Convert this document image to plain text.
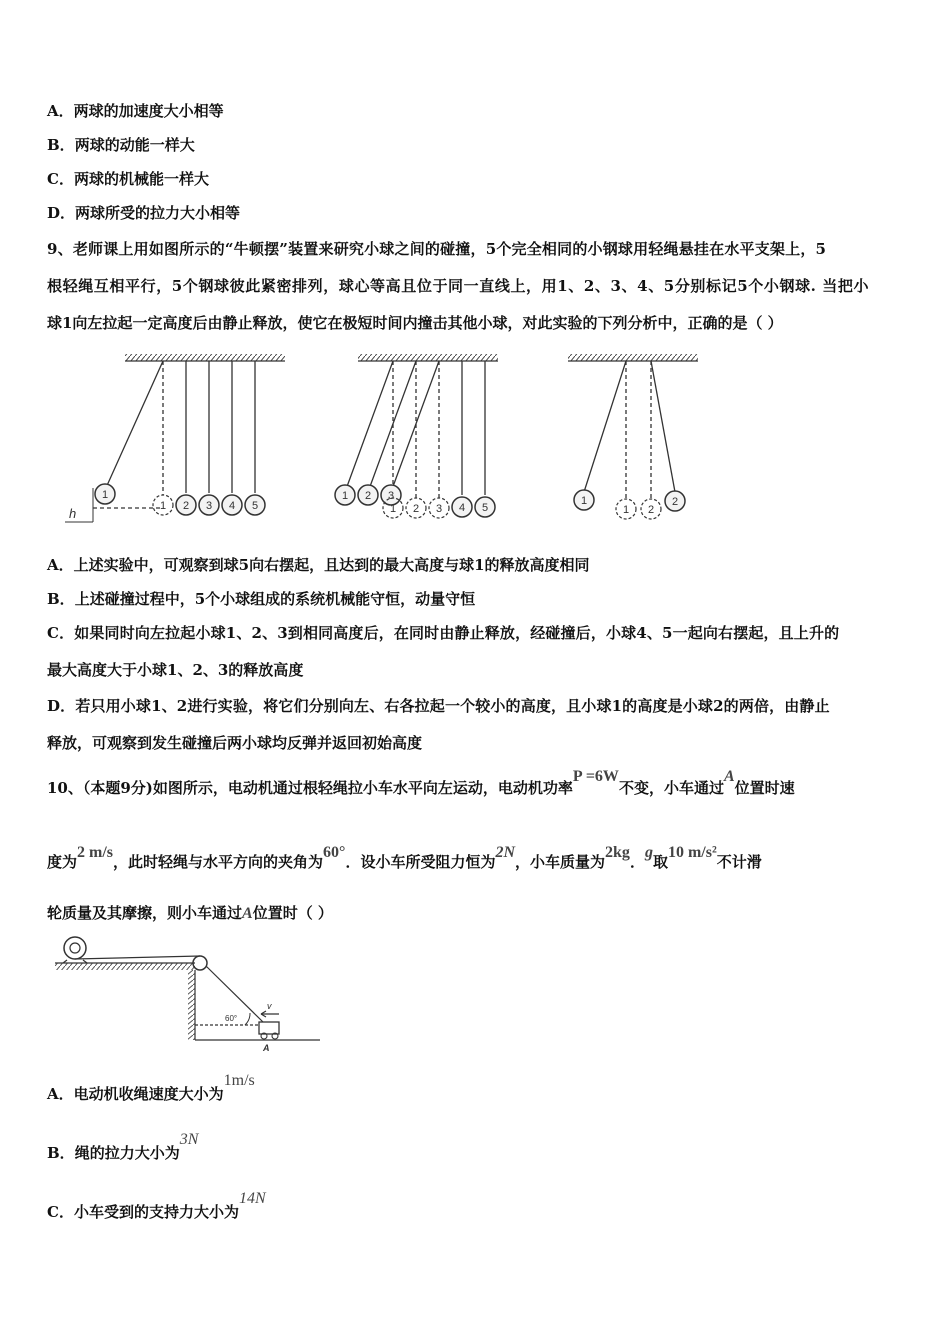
A．两球的加速度大小相等
B．两球的动能一样大
C．两球的机械能一样大
D．两球所受的拉力大小相等
9、老师课上用如图所示的“牛顿摆”装置来研究小球之间的碰撞，5个完全相同的小钢球用轻绳悬挂在水平支架上，5
根轻绳互相平行，5个钢球彼此紧密排列，球心等高且位于同一直线上，用1、2、3、4、5分别标记5个小钢球. 当把小
球1向左拉起一定高度后由静止释放，使它在极短时间内撞击其他小球，对此实验的下列分析中，正确的是（ ）
1
1 2 3 4 5
h
1 2 3
1 2 3 4 5
1
1 2
2
A．上述实验中，可观察到球5向右摆起，且达到的最大高度与球1的释放高度相同
B．上述碰撞过程中，5个小球组成的系统机械能守恒，动量守恒
C．如果同时向左拉起小球1、2、3到相同高度后，在同时由静止释放，经碰撞后，小球4、5一起向右摆起，且上升的
最大高度大于小球1、2、3的释放高度
D．若只用小球1、2进行实验，将它们分别向左、右各拉起一个较小的高度，且小球1的高度是小球2的两倍，由静止
释放，可观察到发生碰撞后两小球均反弹并返回初始高度
10、（本题9分)如图所示，电动机通过根轻绳拉小车水平向左运动，电动机功率P =6W不变，小车通过A位置时速
度为2 m/s，此时轻绳与水平方向的夹角为60°．设小车所受阻力恒为2N，小车质量为2kg．g取10 m/s²不计滑
轮质量及其摩擦，则小车通过A位置时（ ）
60°
v
A
A．电动机收绳速度大小为1m/s
B．绳的拉力大小为3N
C．小车受到的支持力大小为14N
